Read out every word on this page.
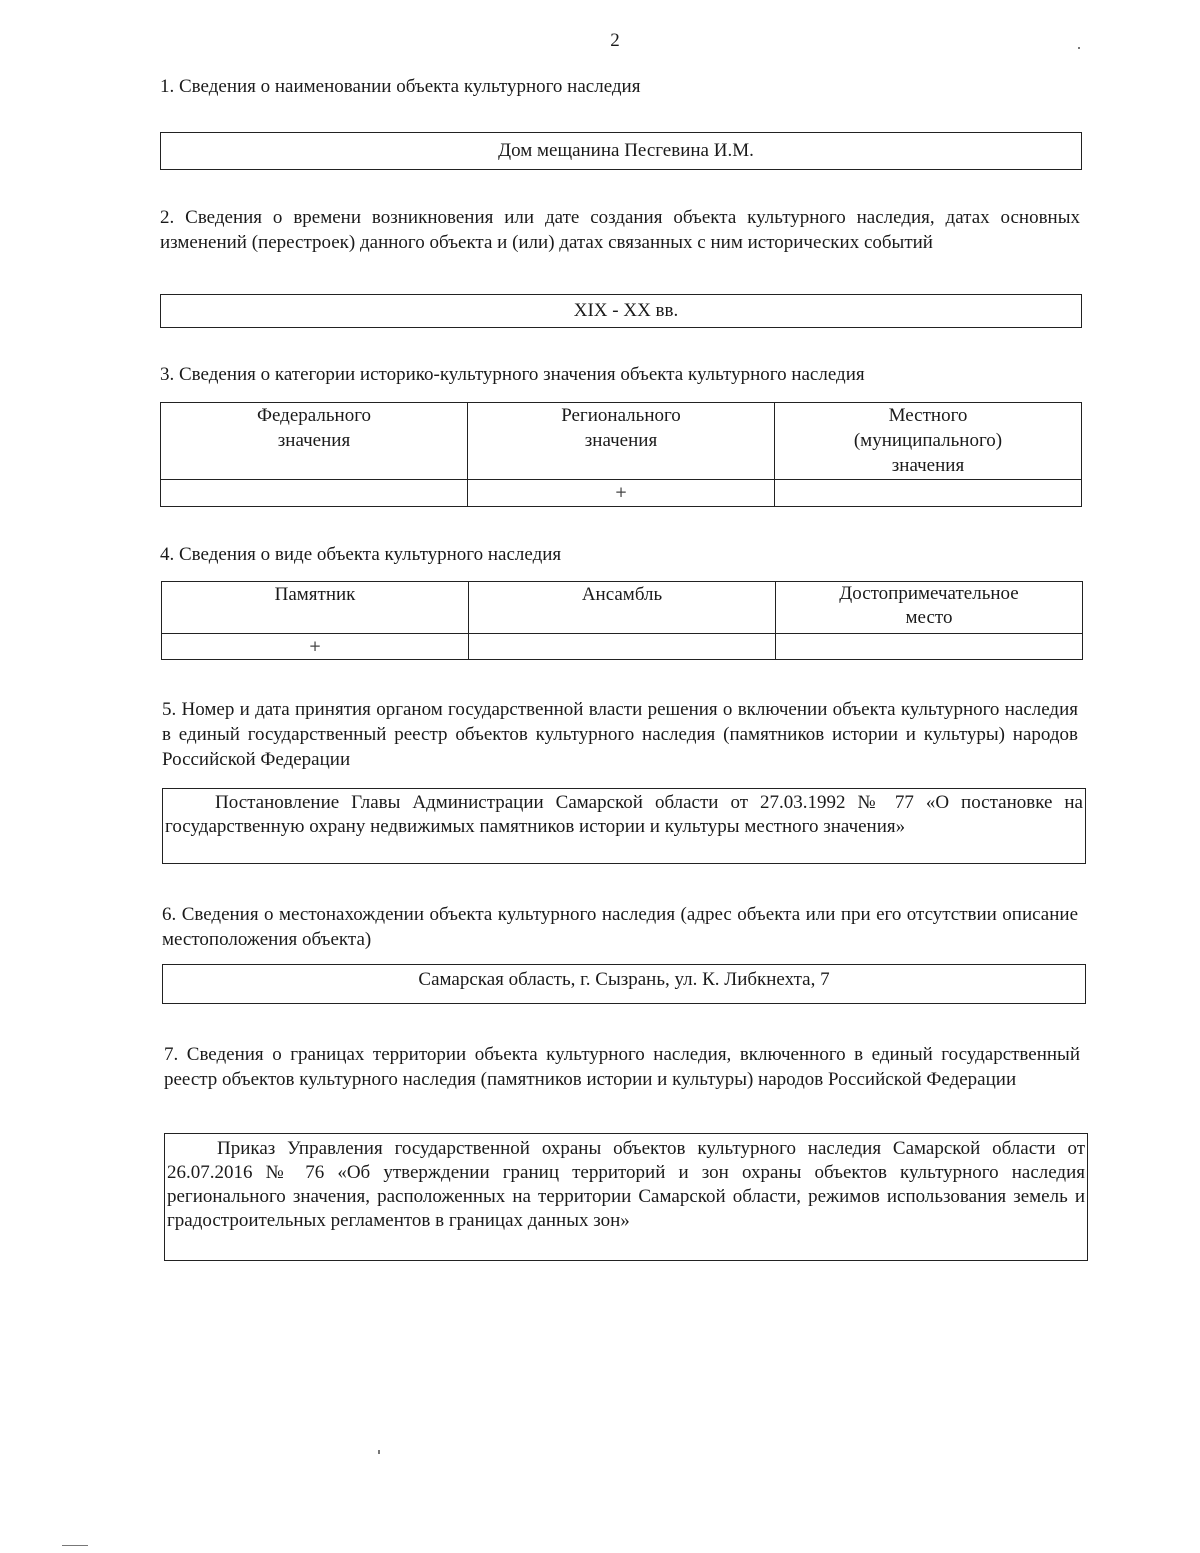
2
1. Сведения о наименовании объекта культурного наследия
Дом мещанина Песгевина И.М.
2. Сведения о времени возникновения или дате создания объекта культурного наследия, датах основных изменений (перестроек) данного объекта и (или) датах связанных с ним исторических событий
XIX - XX вв.
3. Сведения о категории историко-культурного значения объекта культурного наследия
Федерального значения	Регионального значения	Местного (муниципального) значения

	+	
4. Сведения о виде объекта культурного наследия
Памятник	Ансамбль	Достопримечательное место

+		
5. Номер и дата принятия органом государственной власти решения о включении объекта культурного наследия в единый государственный реестр объектов культурного наследия (памятников истории и культуры) народов Российской Федерации
Постановление Главы Администрации Самарской области от 27.03.1992 № 77 «О постановке на государственную охрану недвижимых памятников истории и культуры местного значения»
6. Сведения о местонахождении объекта культурного наследия (адрес объекта или при его отсутствии описание местоположения объекта)
Самарская область, г. Сызрань, ул. К. Либкнехта, 7
7. Сведения о границах территории объекта культурного наследия, включенного в единый государственный реестр объектов культурного наследия (памятников истории и культуры) народов Российской Федерации
Приказ Управления государственной охраны объектов культурного наследия Самарской области от 26.07.2016 № 76 «Об утверждении границ территорий и зон охраны объектов культурного наследия регионального значения, расположенных на территории Самарской области, режимов использования земель и градостроительных регламентов в границах данных зон»
